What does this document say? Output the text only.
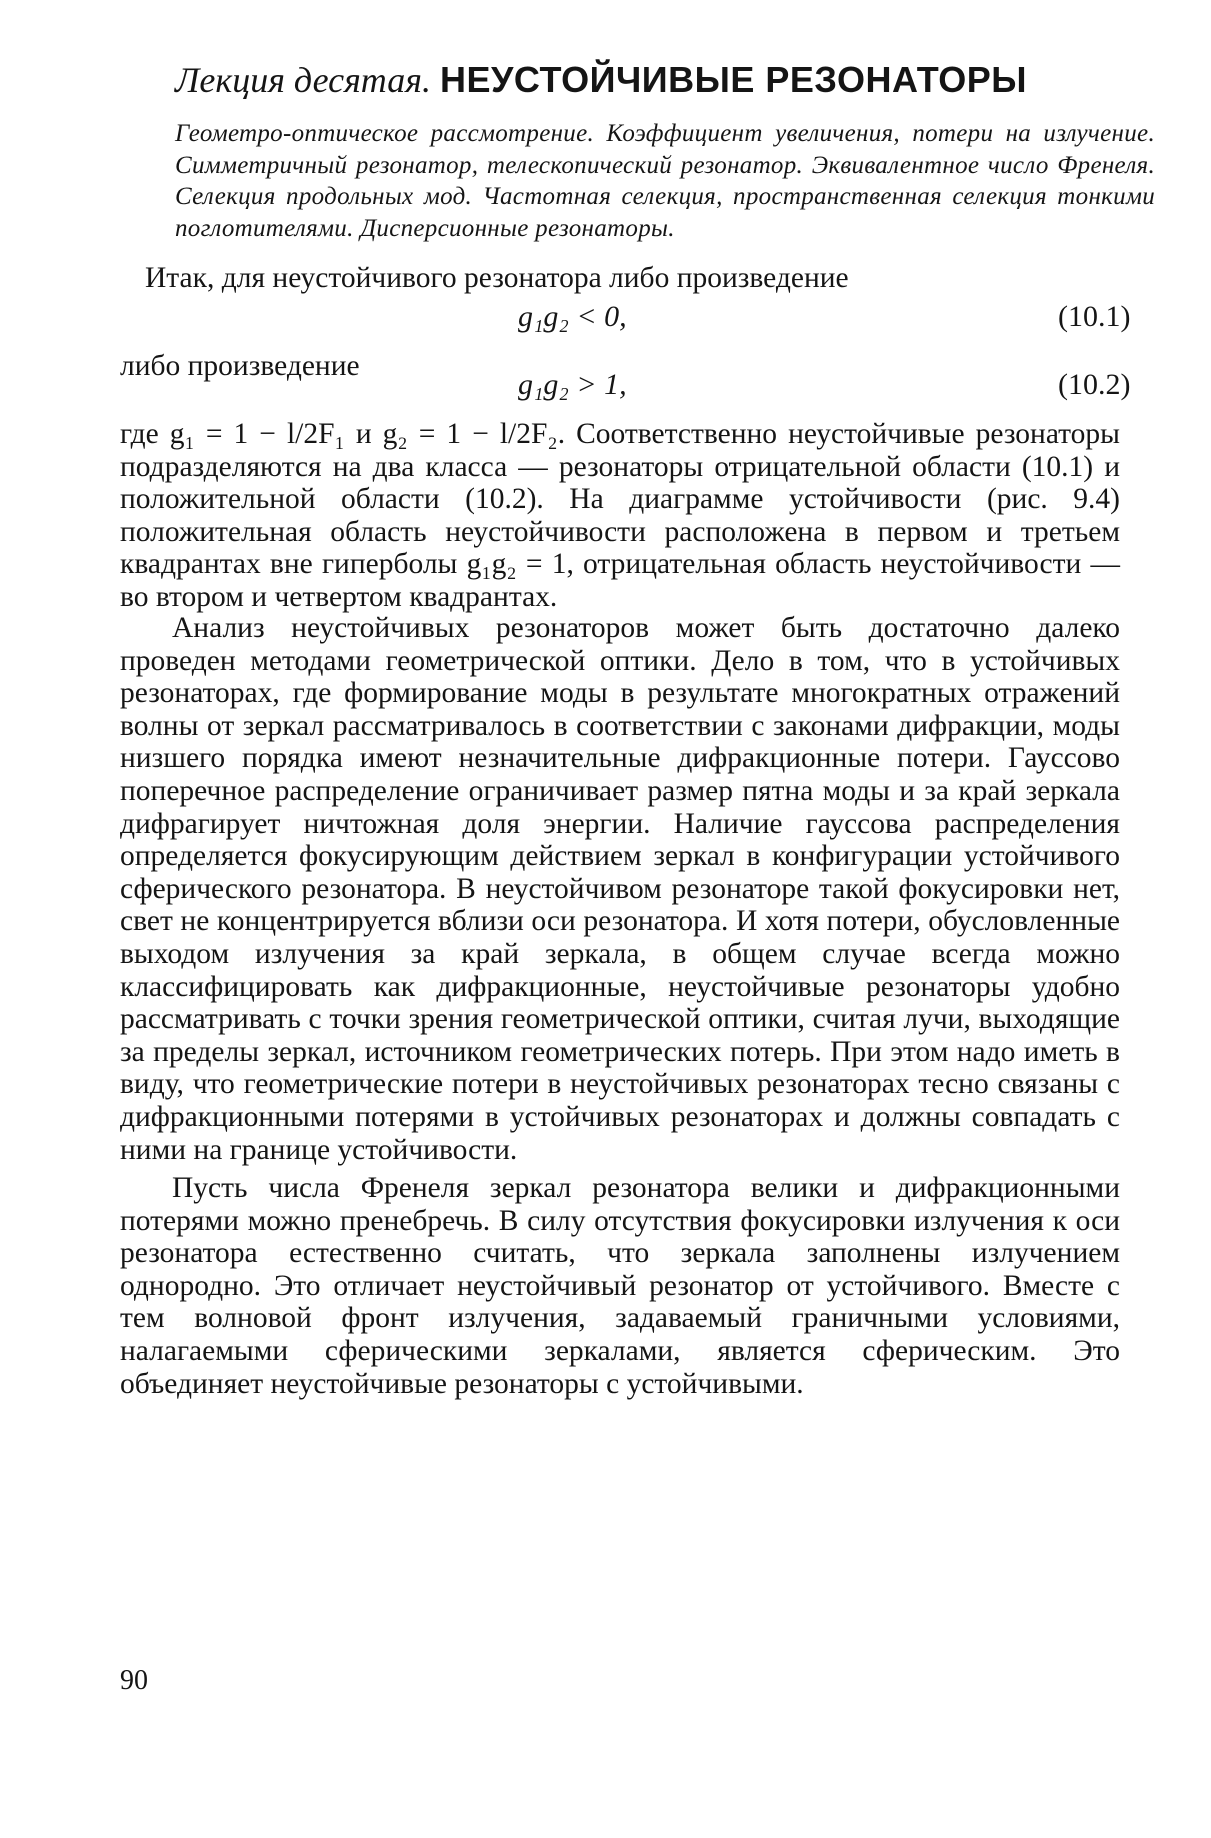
Лекция десятая. НЕУСТОЙЧИВЫЕ РЕЗОНАТОРЫ
Геометро-оптическое рассмотрение. Коэффициент увеличения, потери на излучение. Симметричный резонатор, телескопический резонатор. Эквивалентное число Френеля. Селекция продольных мод. Частотная селекция, пространственная селекция тонкими поглотителями. Дисперсионные резонаторы.
Итак, для неустойчивого резонатора либо произведение
g₁g₂ < 0,	(10.1)
либо произведение
g₁g₂ > 1,	(10.2)
где g₁ = 1 − l/2F₁ и g₂ = 1 − l/2F₂. Соответственно неустойчивые резонаторы подразделяются на два класса — резонаторы отрицательной области (10.1) и положительной области (10.2). На диаграмме устойчивости (рис. 9.4) положительная область неустойчивости расположена в первом и третьем квадрантах вне гиперболы g₁g₂ = 1, отрицательная область неустойчивости — во втором и четвертом квадрантах.
Анализ неустойчивых резонаторов может быть достаточно далеко проведен методами геометрической оптики. Дело в том, что в устойчивых резонаторах, где формирование моды в результате многократных отражений волны от зеркал рассматривалось в соответствии с законами дифракции, моды низшего порядка имеют незначительные дифракционные потери. Гауссово поперечное распределение ограничивает размер пятна моды и за край зеркала дифрагирует ничтожная доля энергии. Наличие гауссова распределения определяется фокусирующим действием зеркал в конфигурации устойчивого сферического резонатора. В неустойчивом резонаторе такой фокусировки нет, свет не концентрируется вблизи оси резонатора. И хотя потери, обусловленные выходом излучения за край зеркала, в общем случае всегда можно классифицировать как дифракционные, неустойчивые резонаторы удобно рассматривать с точки зрения геометрической оптики, считая лучи, выходящие за пределы зеркал, источником геометрических потерь. При этом надо иметь в виду, что геометрические потери в неустойчивых резонаторах тесно связаны с дифракционными потерями в устойчивых резонаторах и должны совпадать с ними на границе устойчивости.
Пусть числа Френеля зеркал резонатора велики и дифракционными потерями можно пренебречь. В силу отсутствия фокусировки излучения к оси резонатора естественно считать, что зеркала заполнены излучением однородно. Это отличает неустойчивый резонатор от устойчивого. Вместе с тем волновой фронт излучения, задаваемый граничными условиями, налагаемыми сферическими зеркалами, является сферическим. Это объединяет неустойчивые резонаторы с устойчивыми.
90
